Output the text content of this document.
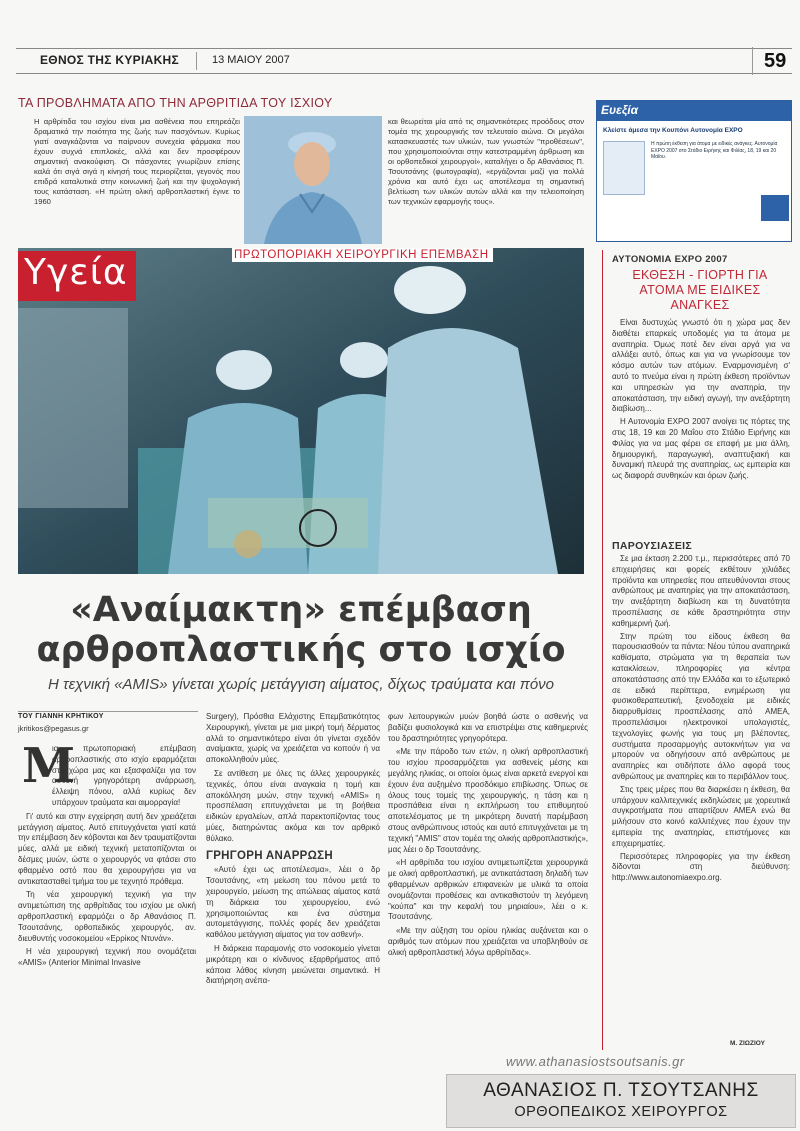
ΕΘΝΟΣ ΤΗΣ ΚΥΡΙΑΚΗΣ	13 ΜΑΙΟΥ 2007	59
ΤΑ ΠΡΟΒΛΗΜΑΤΑ ΑΠΟ ΤΗΝ ΑΡΘΡΙΤΙΔΑ ΤΟΥ ΙΣΧΙΟΥ
Η αρθρίτιδα του ισχίου είναι μια ασθένεια που επηρεάζει δραματικά την ποιότητα της ζωής των πασχόντων. Κυρίως γιατί αναγκάζονται να παίρνουν συνεχεία φάρμακα που έχουν συχνά επιπλοκές, αλλά και δεν προσφέρουν σημαντική ανακούφιση. Οι πάσχοντες γνωρίζουν επίσης καλά ότι σιγά σιγά η κίνησή τους περιορίζεται, γεγονός που επιδρά καταλυτικά στην κοινωνική ζωή και την ψυχολογική τους κατάσταση. «Η πρώτη ολική αρθροπλαστική έγινε το 1960
και θεωρείται μία από τις σημαντικότερες προόδους στον τομέα της χειρουργικής τον τελευταίο αιώνα. Οι μεγάλοι κατασκευαστές των υλικών, των γνωστών "προθέσεων", που χρησιμοποιούνται στην κατεστραμμένη άρθρωση και οι ορθοπεδικοί χειρουργοί», καταλήγει ο δρ Αθανάσιος Π. Τσουτσάνης (φωτογραφία), «εργάζονται μαζί για πολλά χρόνια και αυτό έχει ως αποτέλεσμα τη σημαντική βελτίωση των υλικών αυτών αλλά και την τελειοποίηση των τεχνικών εφαρμογής τους».
Ευεξία
Κλείστε άμεσα την Κουπόνι Αυτονομία EXPO
Η πρώτη έκθεση για άτομα με ειδικές ανάγκες. Αυτονομία EXPO 2007 στο Στάδιο Ειρήνης και Φιλίας, 18, 19 και 20 Μαΐου.
Υγεία	ΠΡΩΤΟΠΟΡΙΑΚΗ ΧΕΙΡΟΥΡΓΙΚΗ ΕΠΕΜΒΑΣΗ
«Αναίμακτη» επέμβαση
αρθροπλαστικής στο ισχίο
Η τεχνική «AMIS» γίνεται χωρίς μετάγγιση αίματος, δίχως τραύματα και πόνο
ΤΟΥ ΓΙΑΝΝΗ ΚΡΗΤΙΚΟΥ
jkritikos@pegasus.gr
Μ

ια πρωτοποριακή επέμβαση αρθροπλαστικής στο ισχίο εφαρμόζεται στη χώρα μας και εξασφαλίζει για τον ασθενή γρηγορότερη ανάρρωση, έλλειψη πόνου, αλλά κυρίως δεν υπάρχουν τραύματα και αιμορραγία!

Γι' αυτό και στην εγχείρηση αυτή δεν χρειάζεται μετάγγιση αίματος. Αυτό επιτυγχάνεται γιατί κατά την επέμβαση δεν κόβονται και δεν τραυματίζονται μύες, αλλά με ειδική τεχνική μετατοπίζονται οι δέσμες μυών, ώστε ο χειρουργός να φτάσει στο φθαρμένο οστό που θα χειρουργήσει για να αντικατασταθεί τμήμα του με τεχνητό πρόθεμα.

Τη νέα χειρουργική τεχνική για την αντιμετώπιση της αρθρίτιδας του ισχίου με ολική αρθροπλαστική εφαρμόζει ο δρ Αθανάσιος Π. Τσουτσάνης, ορθοπεδικός χειρουργός, αν. διευθυντής νοσοκομείου «Ερρίκος Ντυνάν».

Η νέα χειρουργική τεχνική που ονομάζεται «AMIS» (Anterior Minimal Invasive

Surgery), Πρόσθια Ελάχιστης Επεμβατικότητος Χειρουργική, γίνεται με μια μικρή τομή δέρματος αλλά το σημαντικότερο είναι ότι γίνεται σχεδόν αναίμακτα, χωρίς να χρειάζεται να κοπούν ή να αποκολληθούν μύες.

Σε αντίθεση με όλες τις άλλες χειρουργικές τεχνικές, όπου είναι αναγκαία η τομή και αποκόλληση μυών, στην τεχνική «AMIS» η προσπέλαση επιτυγχάνεται με τη βοήθεια ειδικών εργαλείων, απλά παρεκτοπίζοντας τους μύες, διατηρώντας ακόμα και τον αρθρικό θύλακο.

ΓΡΗΓΟΡΗ ΑΝΑΡΡΩΣΗ

«Αυτό έχει ως αποτέλεσμα», λέει ο δρ Τσουτσάνης, «τη μείωση του πόνου μετά το χειρουργείο, μείωση της απώλειας αίματος κατά τη διάρκεια του χειρουργείου, ενώ χρησιμοποιώντας και ένα σύστημα αυτομετάγγισης, πολλές φορές δεν χρειάζεται καθόλου μετάγγιση αίματος για τον ασθενή».

Η διάρκεια παραμονής στο νοσοκομείο γίνεται μικρότερη και ο κίνδυνος εξαρθρήματος από κάποια λάθος κίνηση μειώνεται σημαντικά. Η διατήρηση ανέπα-

φων λειτουργικών μυών βοηθά ώστε ο ασθενής να βαδίζει φυσιολογικά και να επιστρέψει στις καθημερινές του δραστηριότητες γρηγορότερα.

«Με την πάροδο των ετών, η ολική αρθροπλαστική του ισχίου προσαρμόζεται για ασθενείς μέσης και μεγάλης ηλικίας, οι οποίοι όμως είναι αρκετά ενεργοί και έχουν ένα αυξημένο προσδόκιμο επιβίωσης. Όπως σε όλους τους τομείς της χειρουργικής, η τάση και η προσπάθεια είναι η εκπλήρωση του επιθυμητού αποτελέσματος με τη μικρότερη δυνατή παρέμβαση στους ανθρώπινους ιστούς και αυτό επιτυγχάνεται με τη τεχνική "AMIS" στον τομέα της ολικής αρθροπλαστικής», μας λέει ο δρ Τσουτσάνης.

«Η αρθρίτιδα του ισχίου αντιμετωπίζεται χειρουργικά με ολική αρθροπλαστική, με αντικατάσταση δηλαδή των φθαρμένων αρθρικών επιφανειών με υλικά τα οποία ονομάζονται προθέσεις και αντικαθιστούν τη λεγόμενη "κούπα" και την κεφαλή του μηριαίου», λέει ο κ. Τσουτσάνης.

«Με την αύξηση του ορίου ηλικίας αυξάνεται και ο αριθμός των ατόμων που χρειάζεται να υποβληθούν σε ολική αρθροπλαστική λόγω αρθρίτιδας».

ΑΥΤΟΝΟΜΙΑ EXPO 2007
ΕΚΘΕΣΗ - ΓΙΟΡΤΗ ΓΙΑ ΑΤΟΜΑ ΜΕ ΕΙΔΙΚΕΣ ΑΝΑΓΚΕΣ

Είναι δυστυχώς γνωστό ότι η χώρα μας δεν διαθέτει επαρκείς υποδομές για τα άτομα με αναπηρία. Όμως ποτέ δεν είναι αργά για να αλλάξει αυτό, όπως και για να γνωρίσουμε τον κόσμο αυτών των ατόμων. Εναρμονισμένη σ' αυτό το πνεύμα είναι η πρώτη έκθεση προϊόντων και υπηρεσιών για την αναπηρία, την αποκατάσταση, την ειδική αγωγή, την ανεξάρτητη διαβίωση...

Η Αυτονομία EXPO 2007 ανοίγει τις πόρτες της στις 18, 19 και 20 Μαΐου στο Στάδιο Ειρήνης και Φιλίας για να μας φέρει σε επαφή με μια άλλη, δημιουργική, παραγωγική, αναπτυξιακή και δυναμική πλευρά της αναπηρίας, ως εμπειρία και ως διαφορά συνθηκών και όρων ζωής.

ΠΑΡΟΥΣΙΑΣΕΙΣ

Σε μια έκταση 2.200 τ.μ., περισσότερες από 70 επιχειρήσεις και φορείς εκθέτουν χιλιάδες προϊόντα και υπηρεσίες που απευθύνονται στους ανθρώπους με αναπηρίες για την αποκατάσταση, την ανεξάρτητη διαβίωση και τη δυνατότητα προσπέλασης σε κάθε δραστηριότητα στην καθημερινή ζωή.

Στην πρώτη του είδους έκθεση θα παρουσιασθούν τα πάντα: Νέου τύπου αναπηρικά καθίσματα, στρώματα για τη θεραπεία των κατακλίσεων, πληροφορίες για κέντρα αποκατάστασης από την Ελλάδα και το εξωτερικό σε ειδικά περίπτερα, ενημέρωση για φυσικοθεραπευτική, ξενοδοχεία με ειδικές διαρρυθμίσεις προσπέλασης από ΑΜΕΑ, προσπελάσιμοι ηλεκτρονικοί υπολογιστές, τεχνολογίες φωνής για τους μη βλέποντες, συστήματα προσαρμογής αυτοκινήτων για να μπορούν να οδηγήσουν από ανθρώπους με αναπηρίες και οτιδήποτε άλλο αφορά τους ανθρώπους με αναπηρίες και το περιβάλλον τους.

Στις τρεις μέρες που θα διαρκέσει η έκθεση, θα υπάρχουν καλλιτεχνικές εκδηλώσεις με χορευτικά συγκροτήματα που απαρτίζουν ΑΜΕΑ ενώ θα μιλήσουν στο κοινό καλλιτέχνες που έχουν την εμπειρία της αναπηρίας, επιστήμονες και επιχειρηματίες.

Περισσότερες πληροφορίες για την έκθεση δίδονται στη διεύθυνση: http://www.autonomiaexpo.org.

Μ. ΖΙΩΖΙΟΥ
www.athanasiostsoutsanis.gr
ΑΘΑΝΑΣΙΟΣ Π. ΤΣΟΥΤΣΑΝΗΣ
ΟΡΘΟΠΕΔΙΚΟΣ ΧΕΙΡΟΥΡΓΟΣ
